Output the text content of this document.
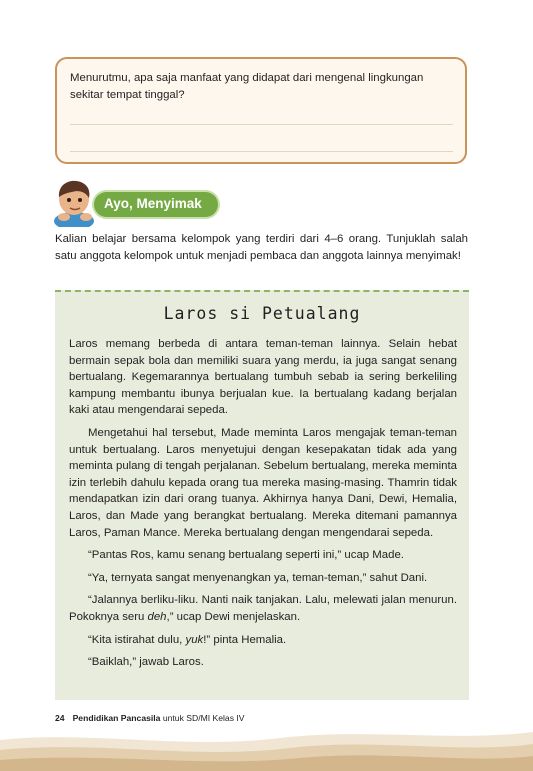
Menurutmu, apa saja manfaat yang didapat dari mengenal lingkungan sekitar tempat tinggal?
Ayo, Menyimak
Kalian belajar bersama kelompok yang terdiri dari 4–6 orang. Tunjuklah salah satu anggota kelompok untuk menjadi pembaca dan anggota lainnya menyimak!
Laros si Petualang

Laros memang berbeda di antara teman-teman lainnya. Selain hebat bermain sepak bola dan memiliki suara yang merdu, ia juga sangat senang bertualang. Kegemarannya bertualang tumbuh sebab ia sering berkeliling kampung membantu ibunya berjualan kue. Ia bertualang kadang berjalan kaki atau mengendarai sepeda.

Mengetahui hal tersebut, Made meminta Laros mengajak teman-teman untuk bertualang. Laros menyetujui dengan kesepakatan tidak ada yang meminta pulang di tengah perjalanan. Sebelum bertualang, mereka meminta izin terlebih dahulu kepada orang tua mereka masing-masing. Thamrin tidak mendapatkan izin dari orang tuanya. Akhirnya hanya Dani, Dewi, Hemalia, Laros, dan Made yang berangkat bertualang. Mereka ditemani pamannya Laros, Paman Mance. Mereka bertualang dengan mengendarai sepeda.

“Pantas Ros, kamu senang bertualang seperti ini,” ucap Made.

“Ya, ternyata sangat menyenangkan ya, teman-teman,” sahut Dani.

“Jalannya berliku-liku. Nanti naik tanjakan. Lalu, melewati jalan menurun. Pokoknya seru deh,” ucap Dewi menjelaskan.

“Kita istirahat dulu, yuk!” pinta Hemalia.

“Baiklah,” jawab Laros.

24 Pendidikan Pancasila untuk SD/MI Kelas IV
